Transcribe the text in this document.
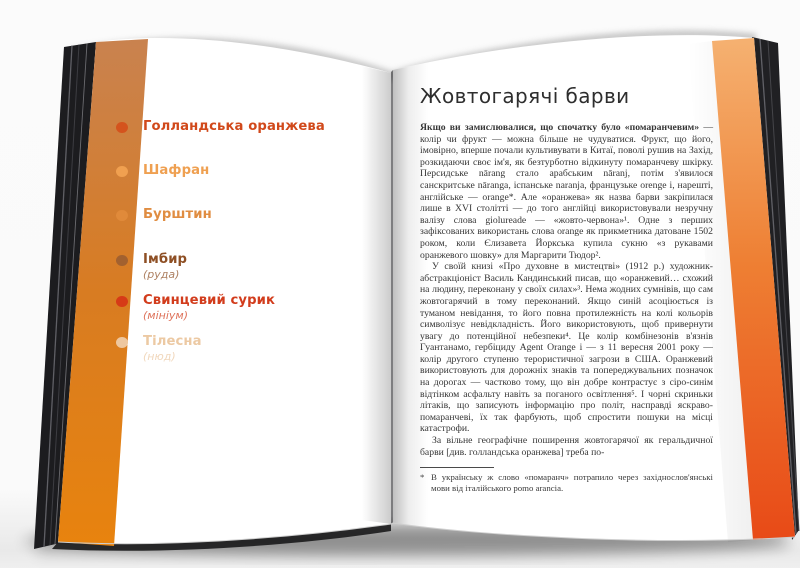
Голландська оранжева
Шафран
Бурштин
Імбир
(руда)
Свинцевий сурик
(мініум)
Тілесна
(нюд)
Жовтогарячі барви

Якщо ви замислювалися, що спочатку було «помаранчевим» — колір чи фрукт — можна більше не чудуватися. Фрукт, що його, імовірно, вперше почали культивувати в Китаї, поволі рушив на Захід, розкидаючи своє ім'я, як безтурботно відкинуту помаранчеву шкірку. Персидське nārang стало арабським nāranj, потім з'явилося санскритське nāranga, іспанське naranja, французьке orenge і, нарешті, англійське — orange*. Але «оранжева» як назва барви закріпилася лише в XVI столітті — до того англійці використовували незручну валізу слова giolureade — «жовто-червона»¹. Одне з перших зафіксованих використань слова orange як прикметника датоване 1502 роком, коли Єлизавета Йоркська купила сукню «з рукавами оранжевого шовку» для Маргарити Тюдор².

У своїй книзі «Про духовне в мистецтві» (1912 р.) художник-абстракціоніст Василь Кандинський писав, що «оранжевий… схожий на людину, переконану у своїх силах»³. Нема жодних сумнівів, що сам жовтогарячий в тому переконаний. Якщо синій асоціюється із туманом невідання, то його повна протилежність на колі кольорів символізує невідкладність. Його використовують, щоб привернути увагу до потенційної небезпеки⁴. Це колір комбінезонів в'язнів Гуантанамо, гербіциду Agent Orange і — з 11 вересня 2001 року — колір другого ступеню терористичної загрози в США. Оранжевий використовують для дорожніх знаків та попереджувальних позначок на дорогах — частково тому, що він добре контрастує з сіро-синім відтінком асфальту навіть за поганого освітлення⁵. І чорні скриньки літаків, що записують інформацію про політ, насправді яскраво-помаранчеві, їх так фарбують, щоб спростити пошуки на місці катастрофи.

За вільне географічне поширення жовтогарячої як геральдичної барви [див. голландська оранжева] треба по-

* В українську ж слово «помаранч» потрапило через західнослов'янські мови від італійського pomo arancia.
